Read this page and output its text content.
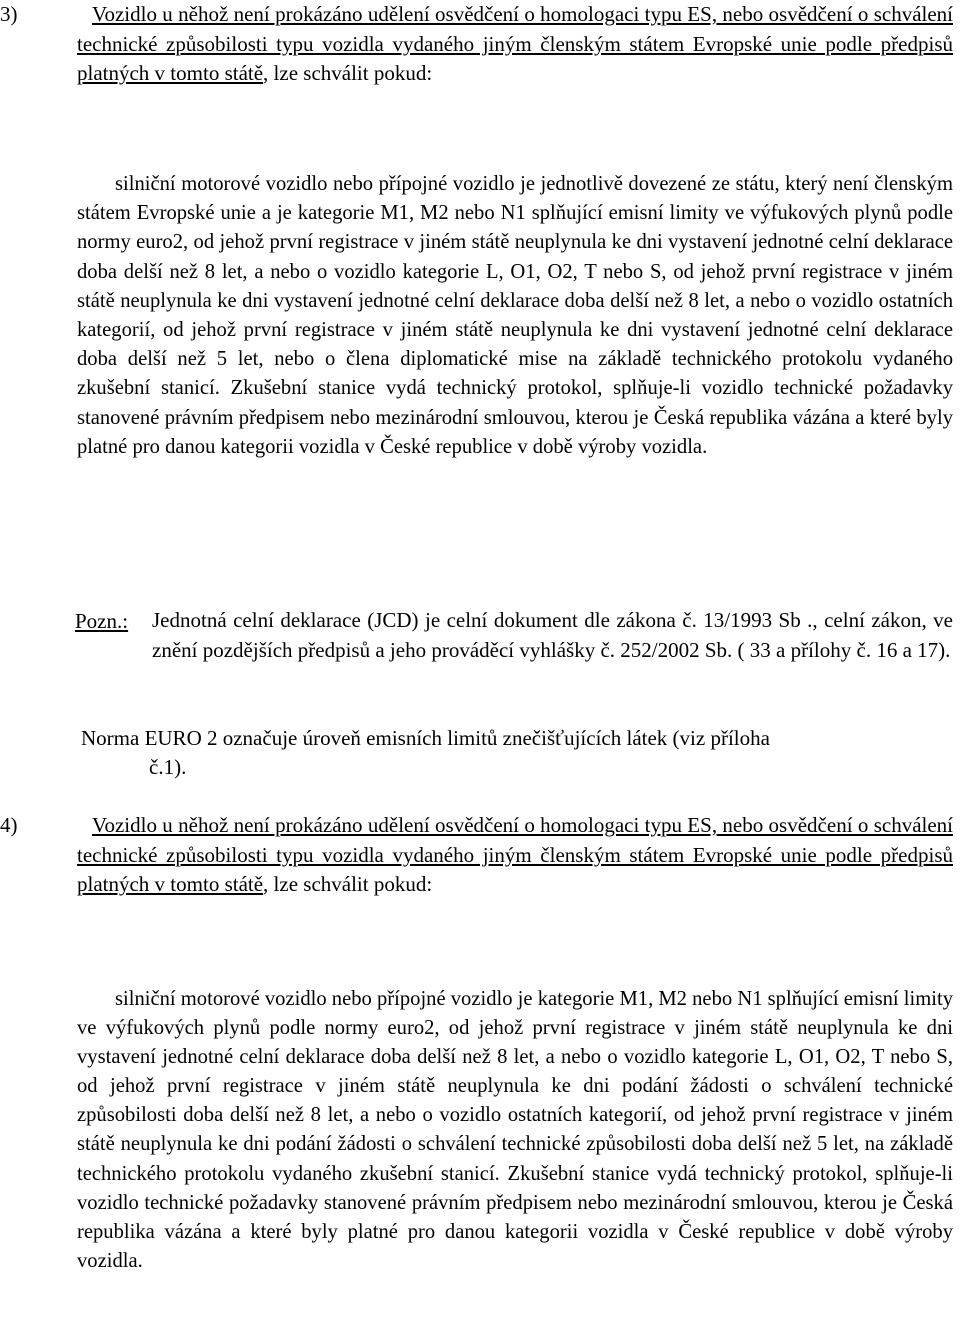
3)	Vozidlo u něhož není prokázáno udělení osvědčení o homologaci typu ES, nebo osvědčení o schválení technické způsobilosti typu vozidla vydaného jiným členským státem Evropské unie podle předpisů platných v tomto státě, lze schválit pokud:

silniční motorové vozidlo nebo přípojné vozidlo je jednotlivě dovezené ze státu, který není členským státem Evropské unie a je kategorie M1, M2 nebo N1 splňující emisní limity ve výfukových plynů podle normy euro2, od jehož první registrace v jiném státě neuplynula ke dni vystavení jednotné celní deklarace doba delší než 8 let, a nebo o vozidlo kategorie L, O1, O2, T nebo S, od jehož první registrace v jiném státě neuplynula ke dni vystavení jednotné celní deklarace doba delší než 8 let, a nebo o vozidlo ostatních kategorií, od jehož první registrace v jiném státě neuplynula ke dni vystavení jednotné celní deklarace doba delší než 5 let, nebo o člena diplomatické mise na základě technického protokolu vydaného zkušební stanicí. Zkušební stanice vydá technický protokol, splňuje-li vozidlo technické požadavky stanovené právním předpisem nebo mezinárodní smlouvou, kterou je Česká republika vázána a které byly platné pro danou kategorii vozidla v České republice v době výroby vozidla.

Pozn.: Jednotná celní deklarace (JCD) je celní dokument dle zákona č. 13/1993 Sb ., celní zákon, ve znění pozdějších předpisů a jeho prováděcí vyhlášky č. 252/2002 Sb. ( 33 a přílohy č. 16 a 17).
Norma EURO 2 označuje úroveň emisních limitů znečišťujících látek (viz příloha
č.1).
4)	Vozidlo u něhož není prokázáno udělení osvědčení o homologaci typu ES, nebo osvědčení o schválení technické způsobilosti typu vozidla vydaného jiným členským státem Evropské unie podle předpisů platných v tomto státě, lze schválit pokud:

silniční motorové vozidlo nebo přípojné vozidlo je kategorie M1, M2 nebo N1 splňující emisní limity ve výfukových plynů podle normy euro2, od jehož první registrace v jiném státě neuplynula ke dni vystavení jednotné celní deklarace doba delší než 8 let, a nebo o vozidlo kategorie L, O1, O2, T nebo S, od jehož první registrace v jiném státě neuplynula ke dni podání žádosti o schválení technické způsobilosti doba delší než 8 let, a nebo o vozidlo ostatních kategorií, od jehož první registrace v jiném státě neuplynula ke dni podání žádosti o schválení technické způsobilosti doba delší než 5 let, na základě technického protokolu vydaného zkušební stanicí. Zkušební stanice vydá technický protokol, splňuje-li vozidlo technické požadavky stanovené právním předpisem nebo mezinárodní smlouvou, kterou je Česká republika vázána a které byly platné pro danou kategorii vozidla v České republice v době výroby vozidla.
